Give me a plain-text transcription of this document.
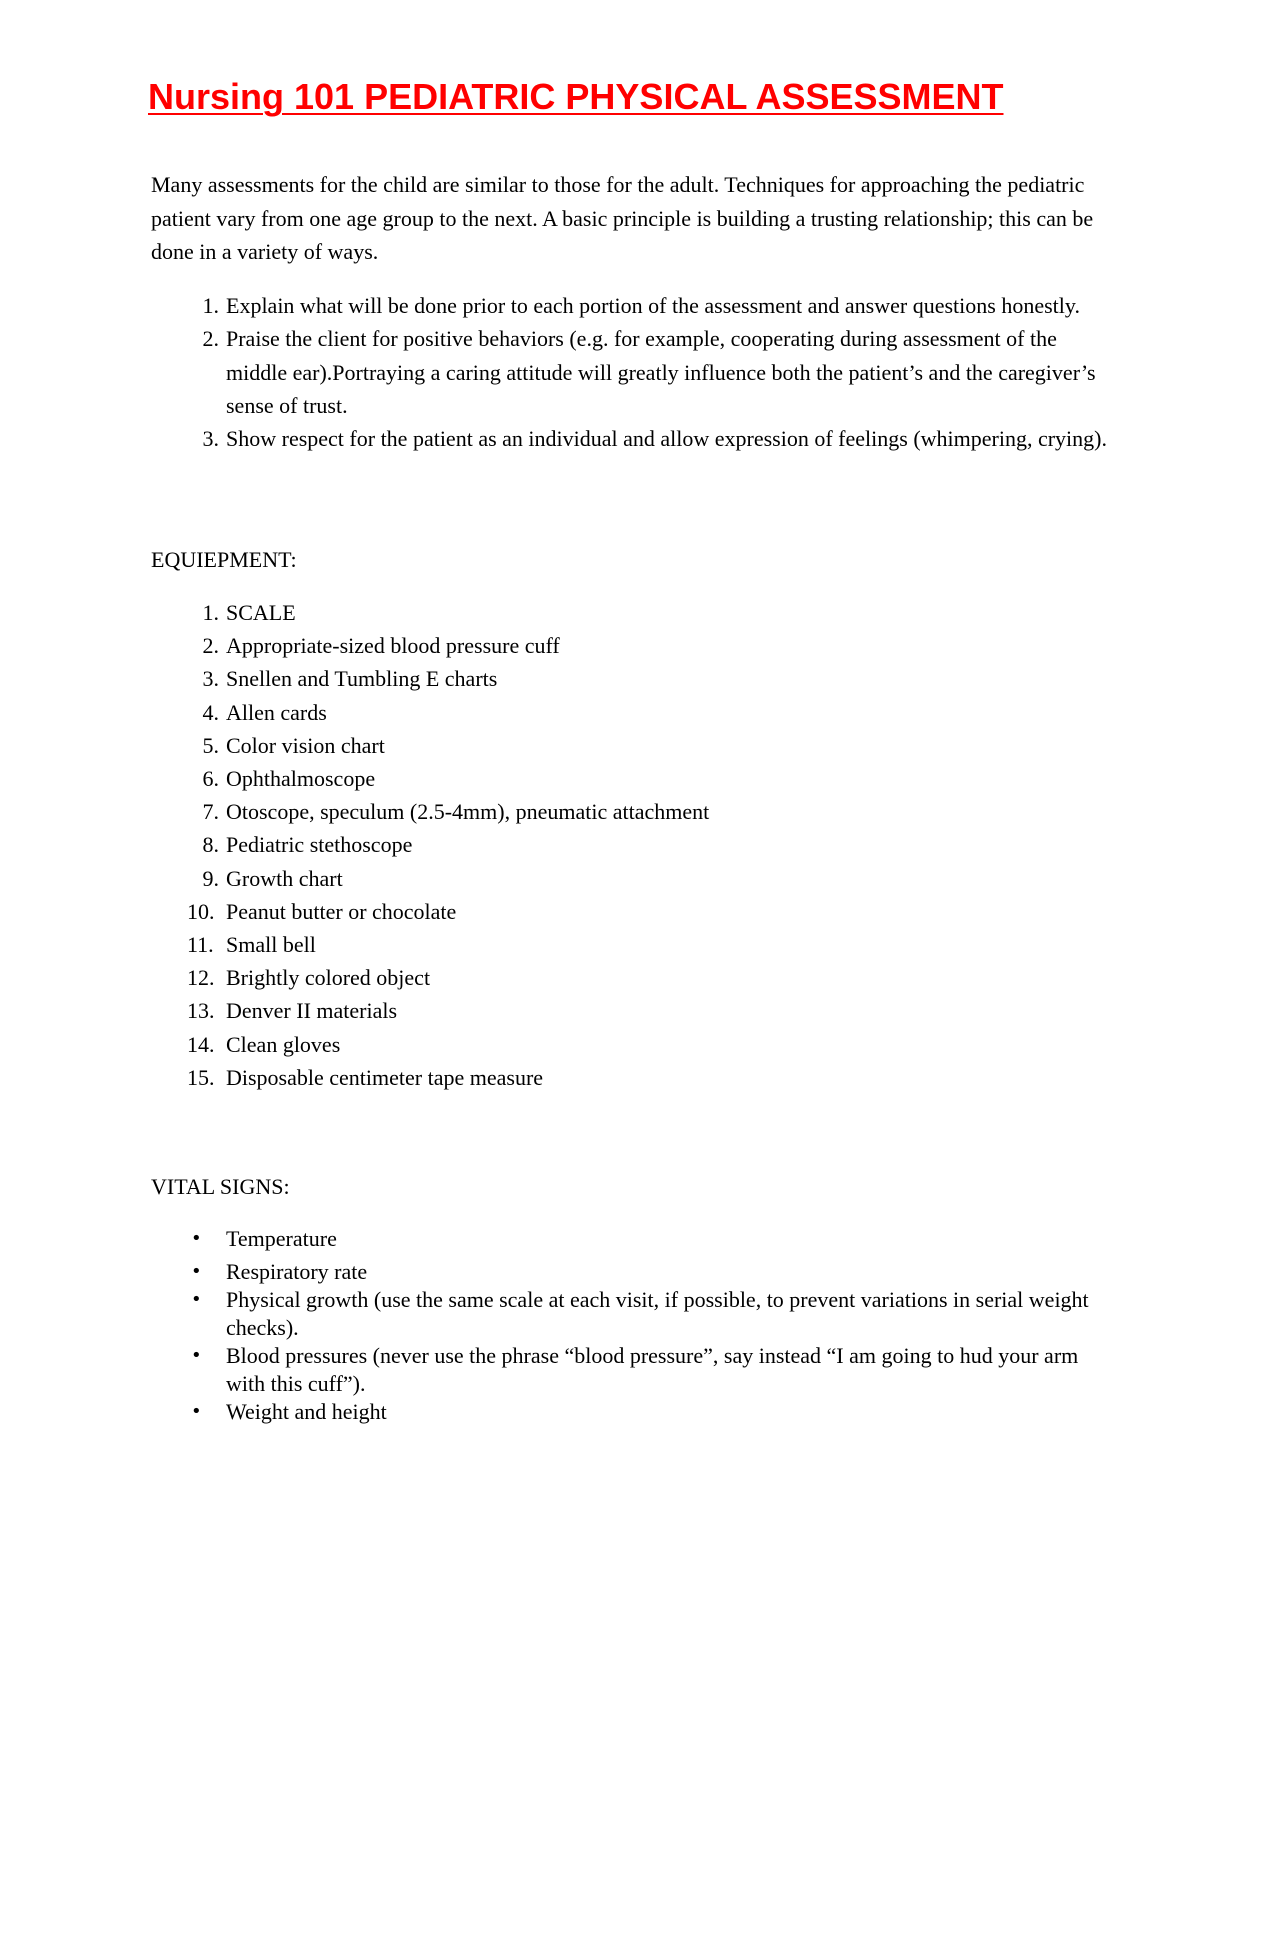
Nursing 101 PEDIATRIC PHYSICAL ASSESSMENT

Many assessments for the child are similar to those for the adult. Techniques for approaching the pediatric patient vary from one age group to the next. A basic principle is building a trusting relationship; this can be done in a variety of ways.

1. Explain what will be done prior to each portion of the assessment and answer questions honestly.
2. Praise the client for positive behaviors (e.g. for example, cooperating during assessment of the middle ear).Portraying a caring attitude will greatly influence both the patient’s and the caregiver’s sense of trust.
3. Show respect for the patient as an individual and allow expression of feelings (whimpering, crying).
EQUIEPMENT:
1. SCALE
2. Appropriate-sized blood pressure cuff
3. Snellen and Tumbling E charts
4. Allen cards
5. Color vision chart
6. Ophthalmoscope
7. Otoscope, speculum (2.5-4mm), pneumatic attachment
8. Pediatric stethoscope
9. Growth chart
10. Peanut butter or chocolate
11. Small bell
12. Brightly colored object
13. Denver II materials
14. Clean gloves
15. Disposable centimeter tape measure
VITAL SIGNS:
• Temperature
• Respiratory rate
• Physical growth (use the same scale at each visit, if possible, to prevent variations in serial weight checks).
• Blood pressures (never use the phrase “blood pressure”, say instead “I am going to hud your arm with this cuff”).
• Weight and height
